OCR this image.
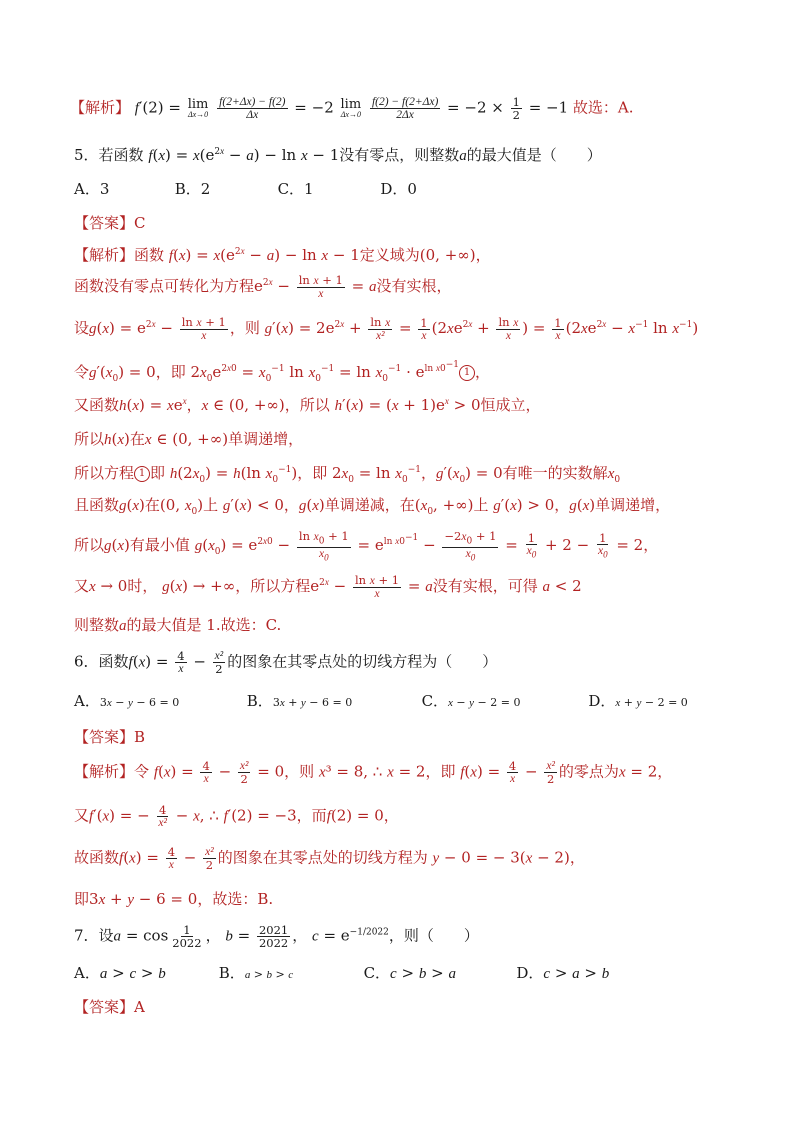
【解析】 f′(2) = lim
Δx→0
$\frac{f(2+\Delta x) - f(2)}{\Delta x} = -2$ lim
Δx→0
$\frac{f(2) - f(2+\Delta x)}{2\Delta x} = -2 \times \frac{1}{2} = -1$ 故选：A.
5．若函数 $f(x) = x(e^{2x} - a) - \ln x - 1$没有零点，则整数a的最大值是（　　）
A．3	B．2	C．1	D．0
【答案】C
【解析】函数 $f(x) = x(e^{2x} - a) - \ln x - 1$定义域为(0, +∞)，
函数没有零点可转化为方程$e^{2x} - \frac{\text{ln x + 1}}{x} = a$没有实根，
设$g(x) = e^{2x} - \frac{\text{ln x + 1}}{x}$ ，则 $g'(x) = 2e^{2x} + \frac{\text{ln x}}{\text{x²}} = \frac{1}{x} (2xe^{2x} + \frac{\text{ln x}}{x}$ ) = $\frac{1}{x} (2xe^{2x} - x^{-1}$ $\ln x^{-1}$)
令$g'(x_0) = 0$，即 $2x_0e^{2x0} = x_0^{-1}$ $\ln x_0^{-1} = \ln x_0^{-1} \cdot e^{ln x0^{-1}}1$ ，
又函数$h(x) = xe^x$，x ∈ (0, +∞)，所以 $h'(x) = (x + 1)e^x > 0$恒成立，
所以h(x)在x ∈ (0, +∞)单调递增，
所以方程 1 即 $h(2x_0) = h(\ln$ $x_0^{-1}$)，即 $2x_0 = \ln x_0^{-1}$，$g'(x_0) = 0$有唯一的实数解$x_0$
且函数g(x)在(0, $x_0$)上 g′(x) < 0，g(x)单调递减，在($x_0$, +∞)上 g′(x) > 0，g(x)单调递增，
所以g(x)有最小值 $g(x_0) = e^{2x0} - \frac{\ln x_0 + 1}{x_0} = e^{ln x0^{-1}} - \frac{-2x_0 + 1}{x_0} = \frac{1}{x_0} + 2 - \frac{1}{x_0} = 2$，
又x → 0时， g(x) → +∞，所以方程$e^{2x} - \frac{\text{ln x + 1}}{x} = a$没有实根，可得 a < 2
则整数a的最大值是 1.故选：C.
6．函数$f(x) = \frac{4}{x} - \frac{\text{x²}}{2}$ 的图象在其零点处的切线方程为（　　）
A．3x − y − 6 = 0	B．3x + y − 6 = 0	C．x − y − 2 = 0	D．x + y − 2 = 0
【答案】B
【解析】令 $f(x) = \frac{4}{x} - \frac{\text{x²}}{2} = 0$，则 x³ = 8, ∴ x = 2，即 $f(x) = \frac{4}{x} - \frac{\text{x²}}{2}$ 的零点为x = 2，
又f′(x) = − $\frac{4}{\text{x²}} - x$, ∴ f′(2) = −3，而f(2) = 0，
故函数$f(x) = \frac{4}{x} - \frac{\text{x²}}{2}$ 的图象在其零点处的切线方程为 y − 0 = − 3(x − 2)，
即3x + y − 6 = 0，故选：B.
7．设$a = \cos \frac{1}{2022}$ ， $b = \frac{2021}{2022}$ ， $c = e^{-1/2022}$，则（　　）
A．a > c > b	B．a > b > c	C．c > b > a	D．c > a > b
【答案】A
